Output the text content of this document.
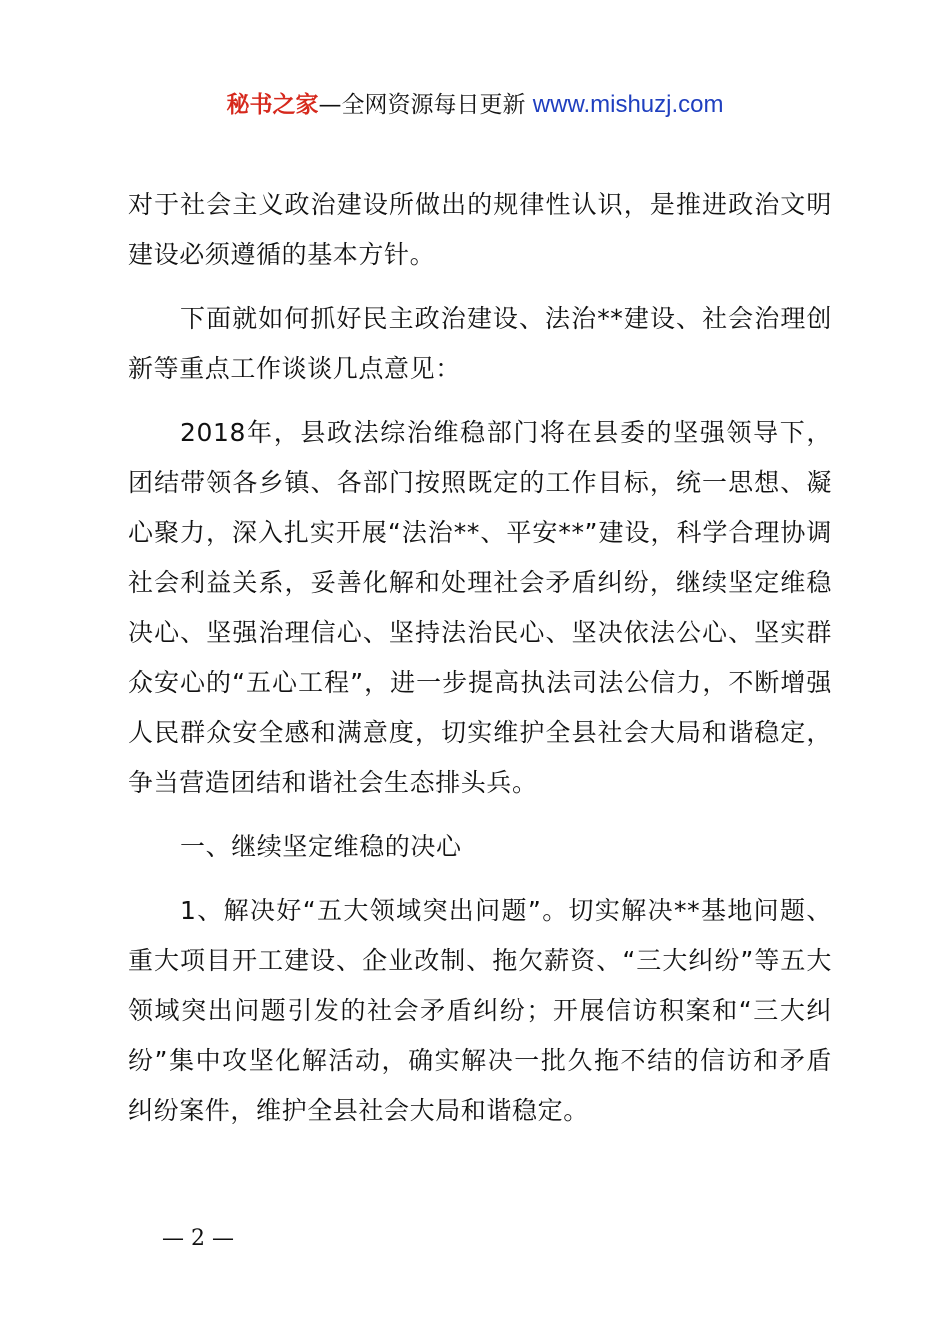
秘书之家—全网资源每日更新 www.mishuzj.com

对于社会主义政治建设所做出的规律性认识，是推进政治文明建设必须遵循的基本方针。

下面就如何抓好民主政治建设、法治**建设、社会治理创新等重点工作谈谈几点意见：

2018年，县政法综治维稳部门将在县委的坚强领导下，团结带领各乡镇、各部门按照既定的工作目标，统一思想、凝心聚力，深入扎实开展“法治**、平安**”建设，科学合理协调社会利益关系，妥善化解和处理社会矛盾纠纷，继续坚定维稳决心、坚强治理信心、坚持法治民心、坚决依法公心、坚实群众安心的“五心工程”，进一步提高执法司法公信力，不断增强人民群众安全感和满意度，切实维护全县社会大局和谐稳定，争当营造团结和谐社会生态排头兵。

一、继续坚定维稳的决心

1、解决好“五大领域突出问题”。切实解决**基地问题、重大项目开工建设、企业改制、拖欠薪资、“三大纠纷”等五大领域突出问题引发的社会矛盾纠纷；开展信访积案和“三大纠纷”集中攻坚化解活动，确实解决一批久拖不结的信访和矛盾纠纷案件，维护全县社会大局和谐稳定。

— 2 —
